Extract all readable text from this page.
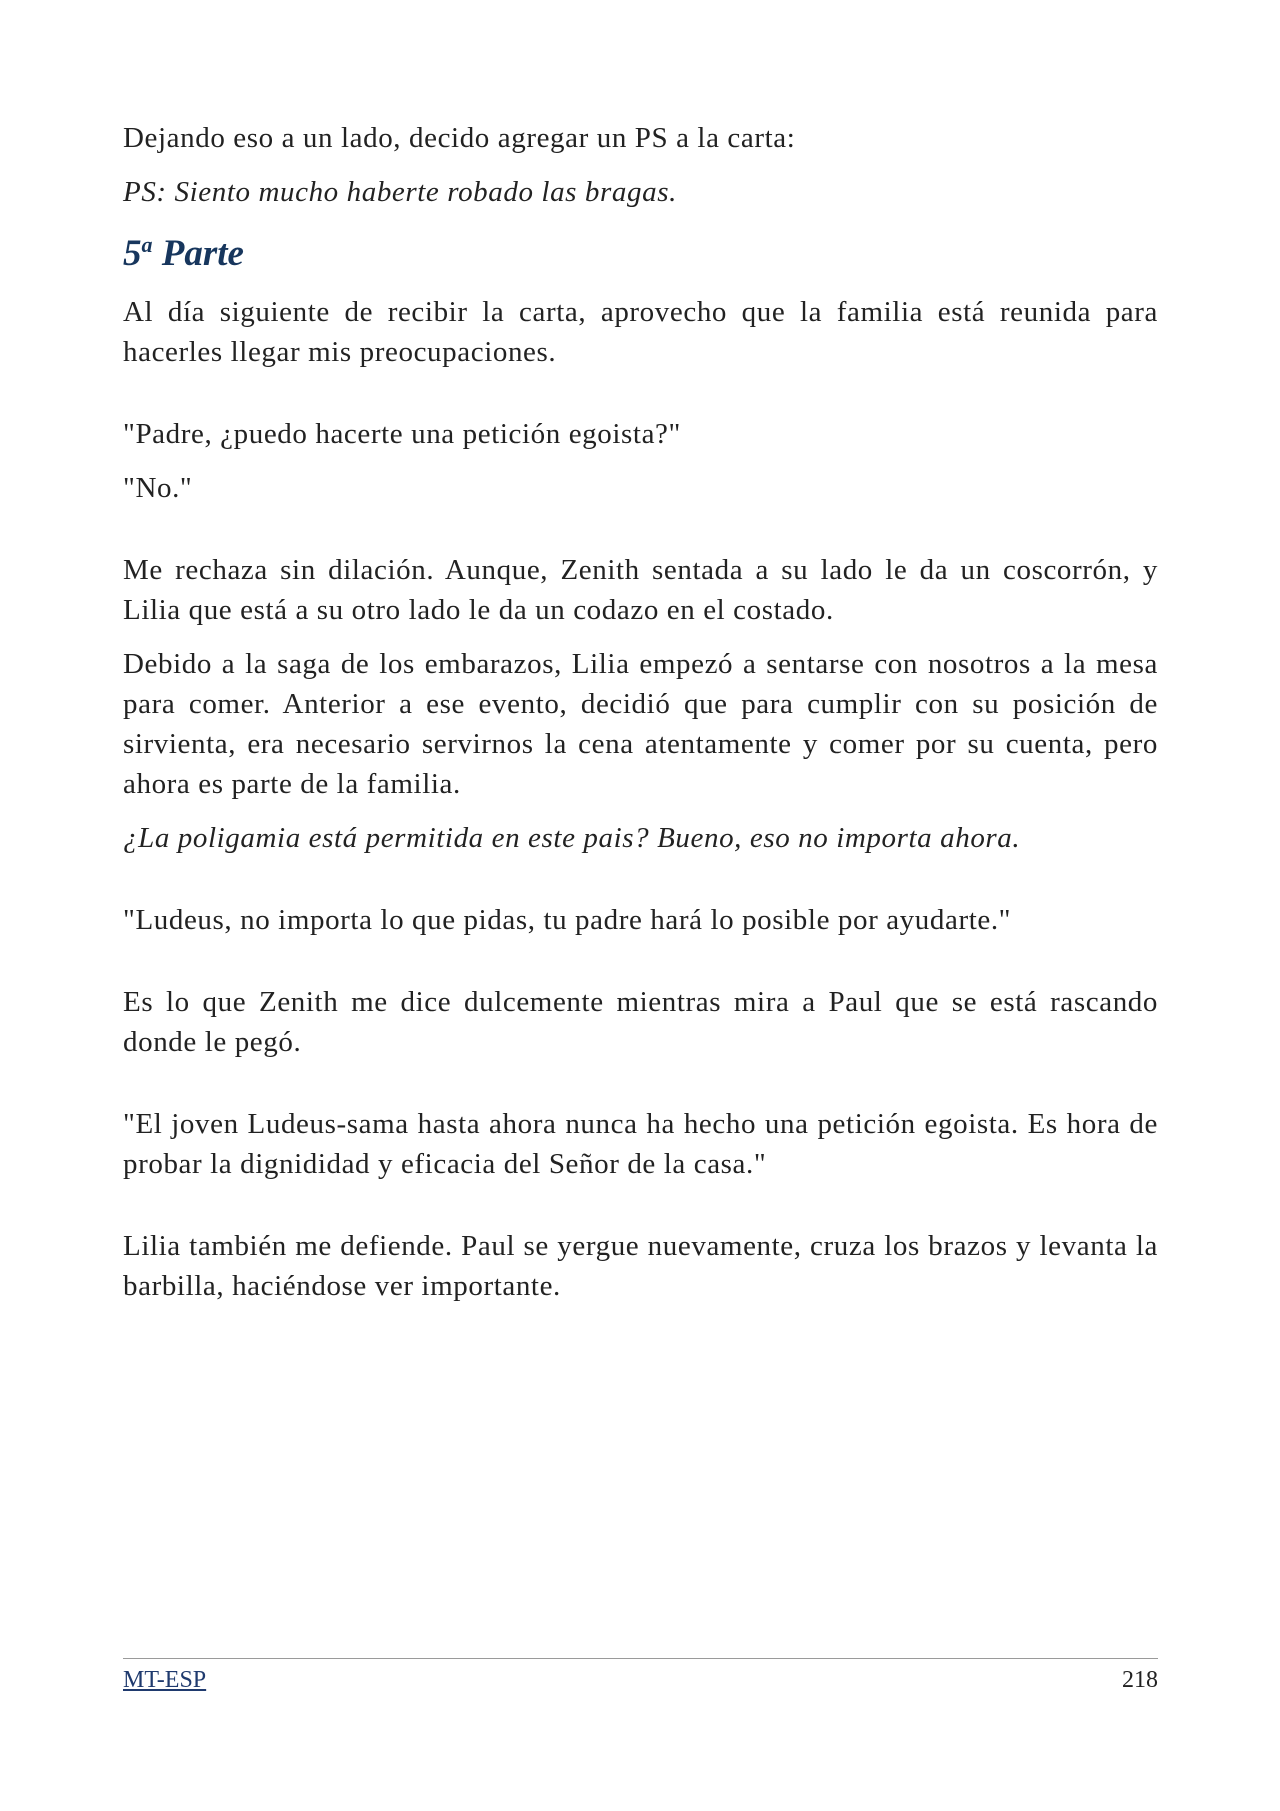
Dejando eso a un lado, decido agregar un PS a la carta:

PS: Siento mucho haberte robado las bragas.

5$^a$ Parte

Al día siguiente de recibir la carta, aprovecho que la familia está reunida para hacerles llegar mis preocupaciones.

"Padre, ¿puedo hacerte una petición egoista?"

"No."

Me rechaza sin dilación. Aunque, Zenith sentada a su lado le da un coscorrón, y Lilia que está a su otro lado le da un codazo en el costado.

Debido a la saga de los embarazos, Lilia empezó a sentarse con nosotros a la mesa para comer. Anterior a ese evento, decidió que para cumplir con su posición de sirvienta, era necesario servirnos la cena atentamente y comer por su cuenta, pero ahora es parte de la familia.

¿La poligamia está permitida en este pais? Bueno, eso no importa ahora.

"Ludeus, no importa lo que pidas, tu padre hará lo posible por ayudarte."

Es lo que Zenith me dice dulcemente mientras mira a Paul que se está rascando donde le pegó.

"El joven Ludeus-sama hasta ahora nunca ha hecho una petición egoista. Es hora de probar la dignididad y eficacia del Señor de la casa."

Lilia también me defiende. Paul se yergue nuevamente, cruza los brazos y levanta la barbilla, haciéndose ver importante.

MT-ESP	218
